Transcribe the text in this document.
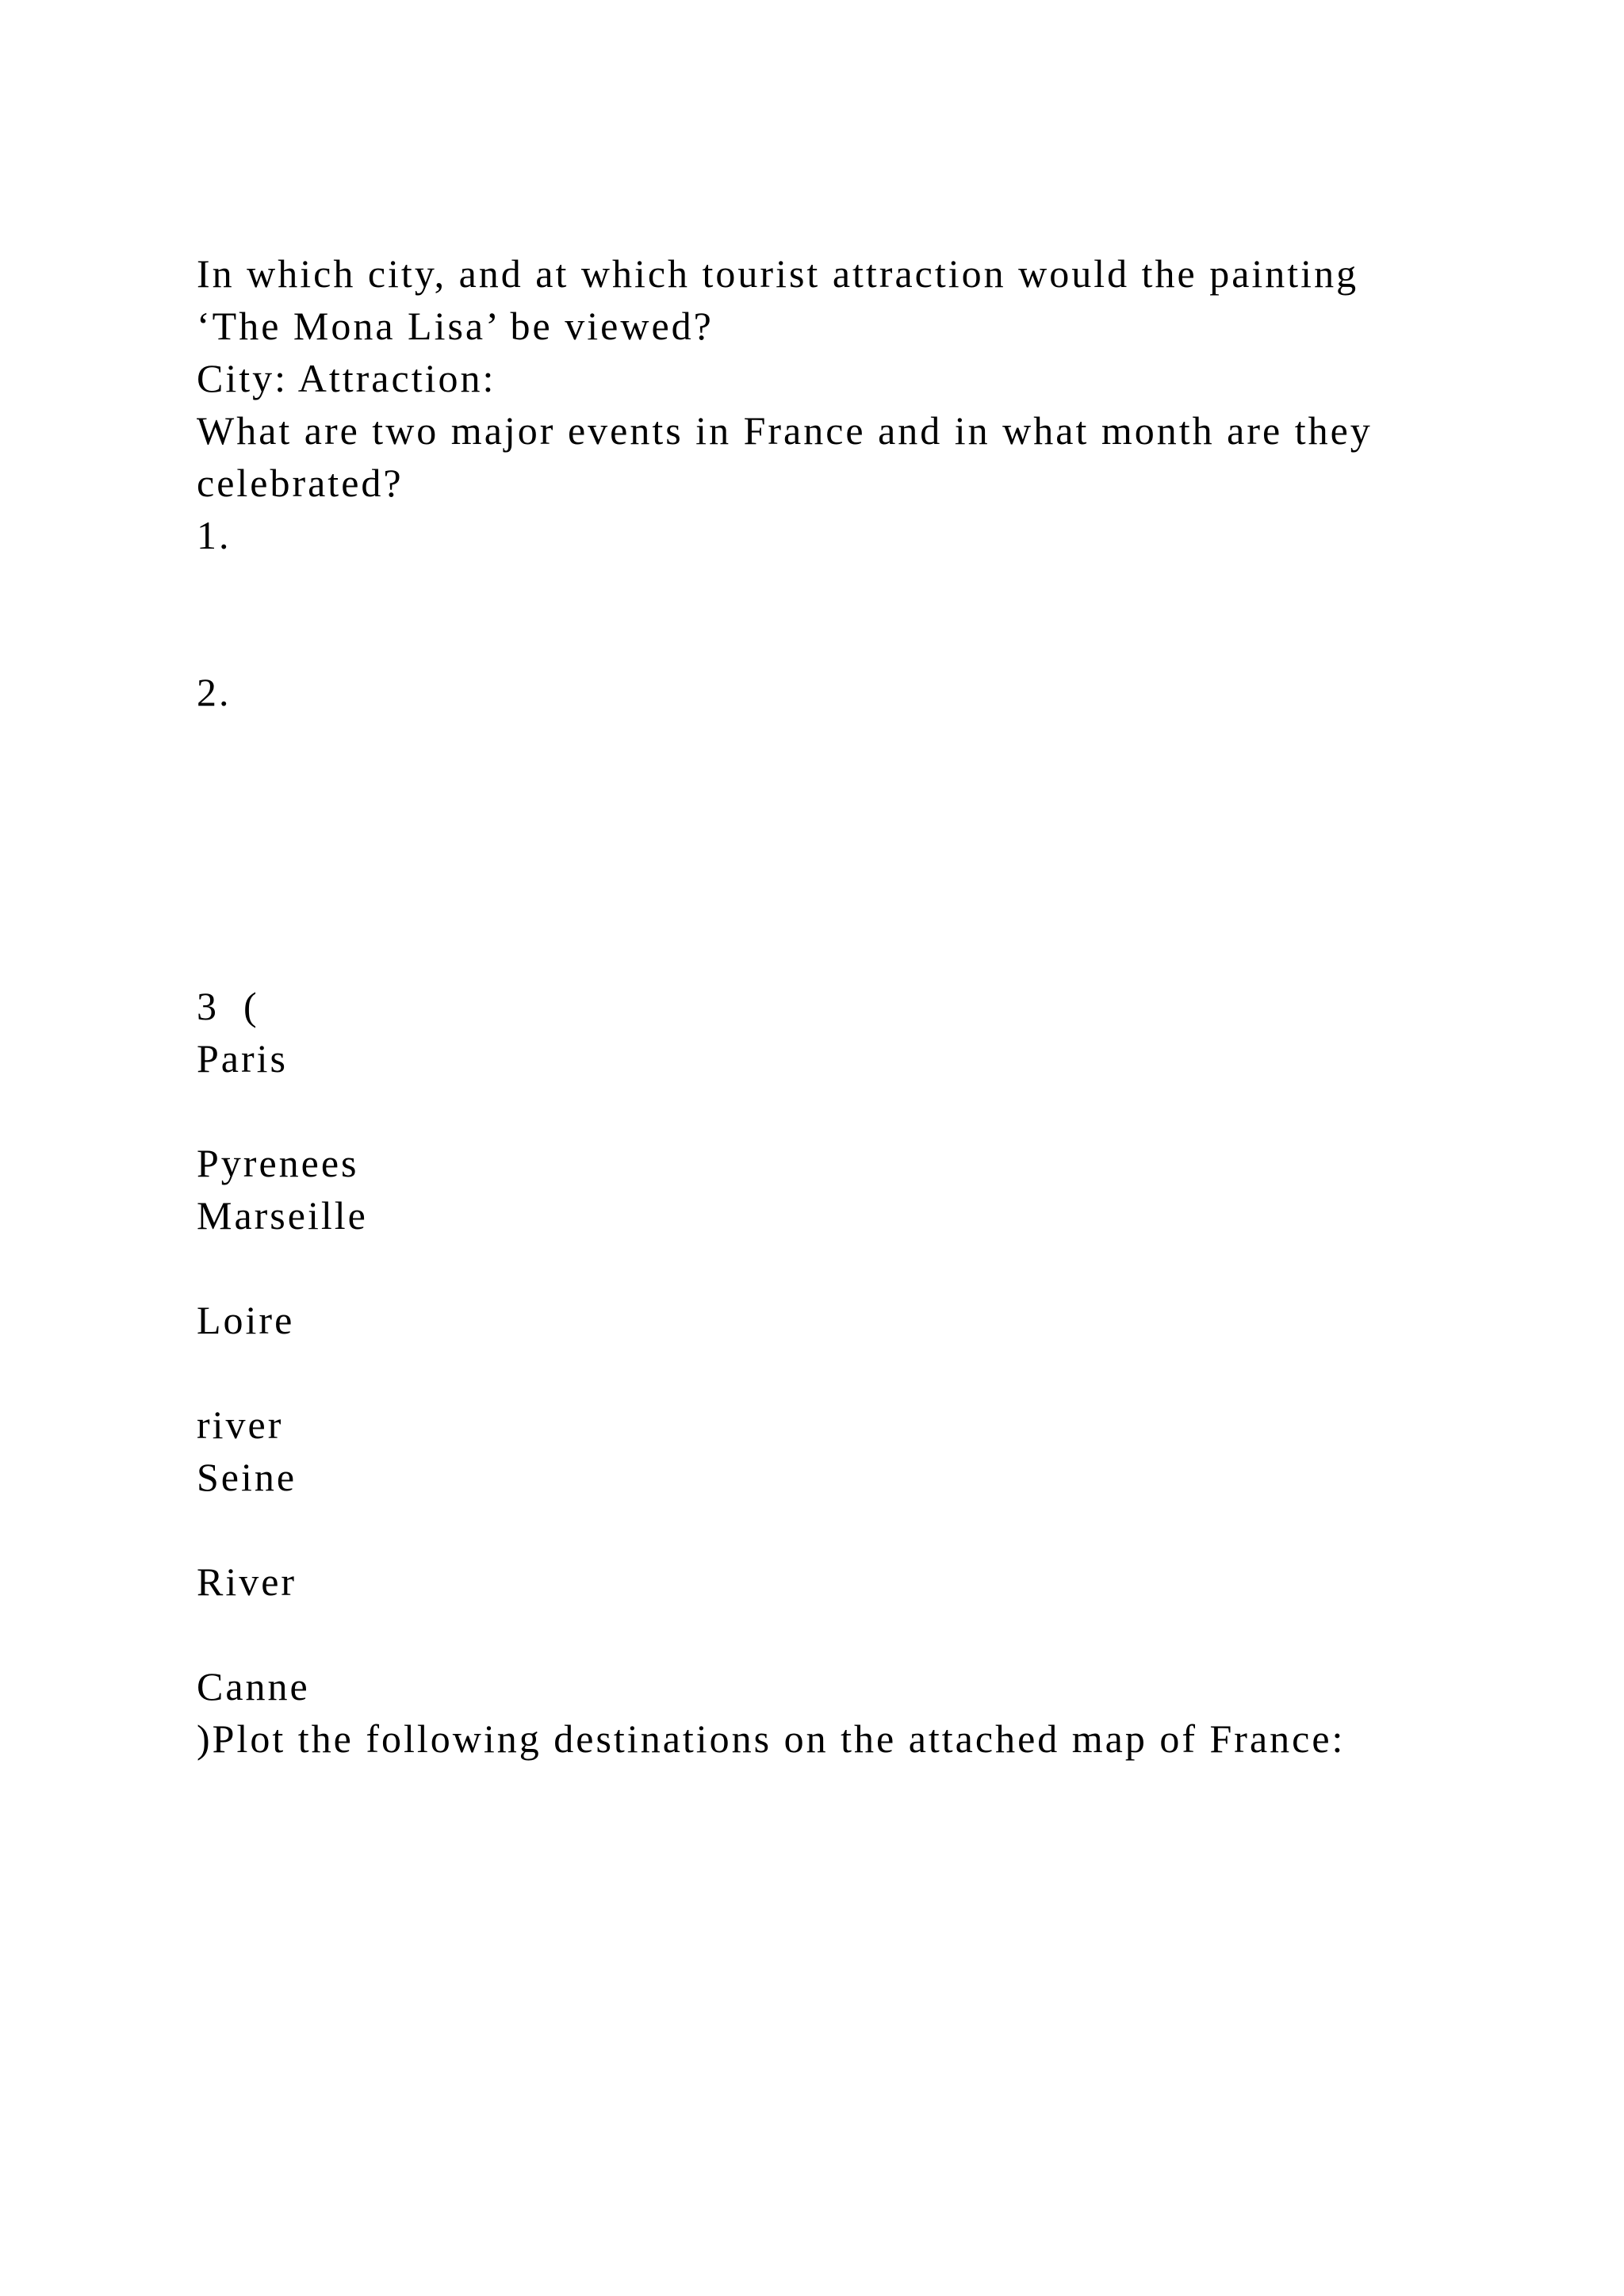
In which city, and at which tourist attraction would the painting

‘The Mona Lisa’ be viewed?

City: Attraction:

What are two major events in France and in what month are they

celebrated?

1.

2.

3  (

Paris

Pyrenees

Marseille

Loire

river

Seine

River

Canne

)Plot the following destinations on the attached map of France:
